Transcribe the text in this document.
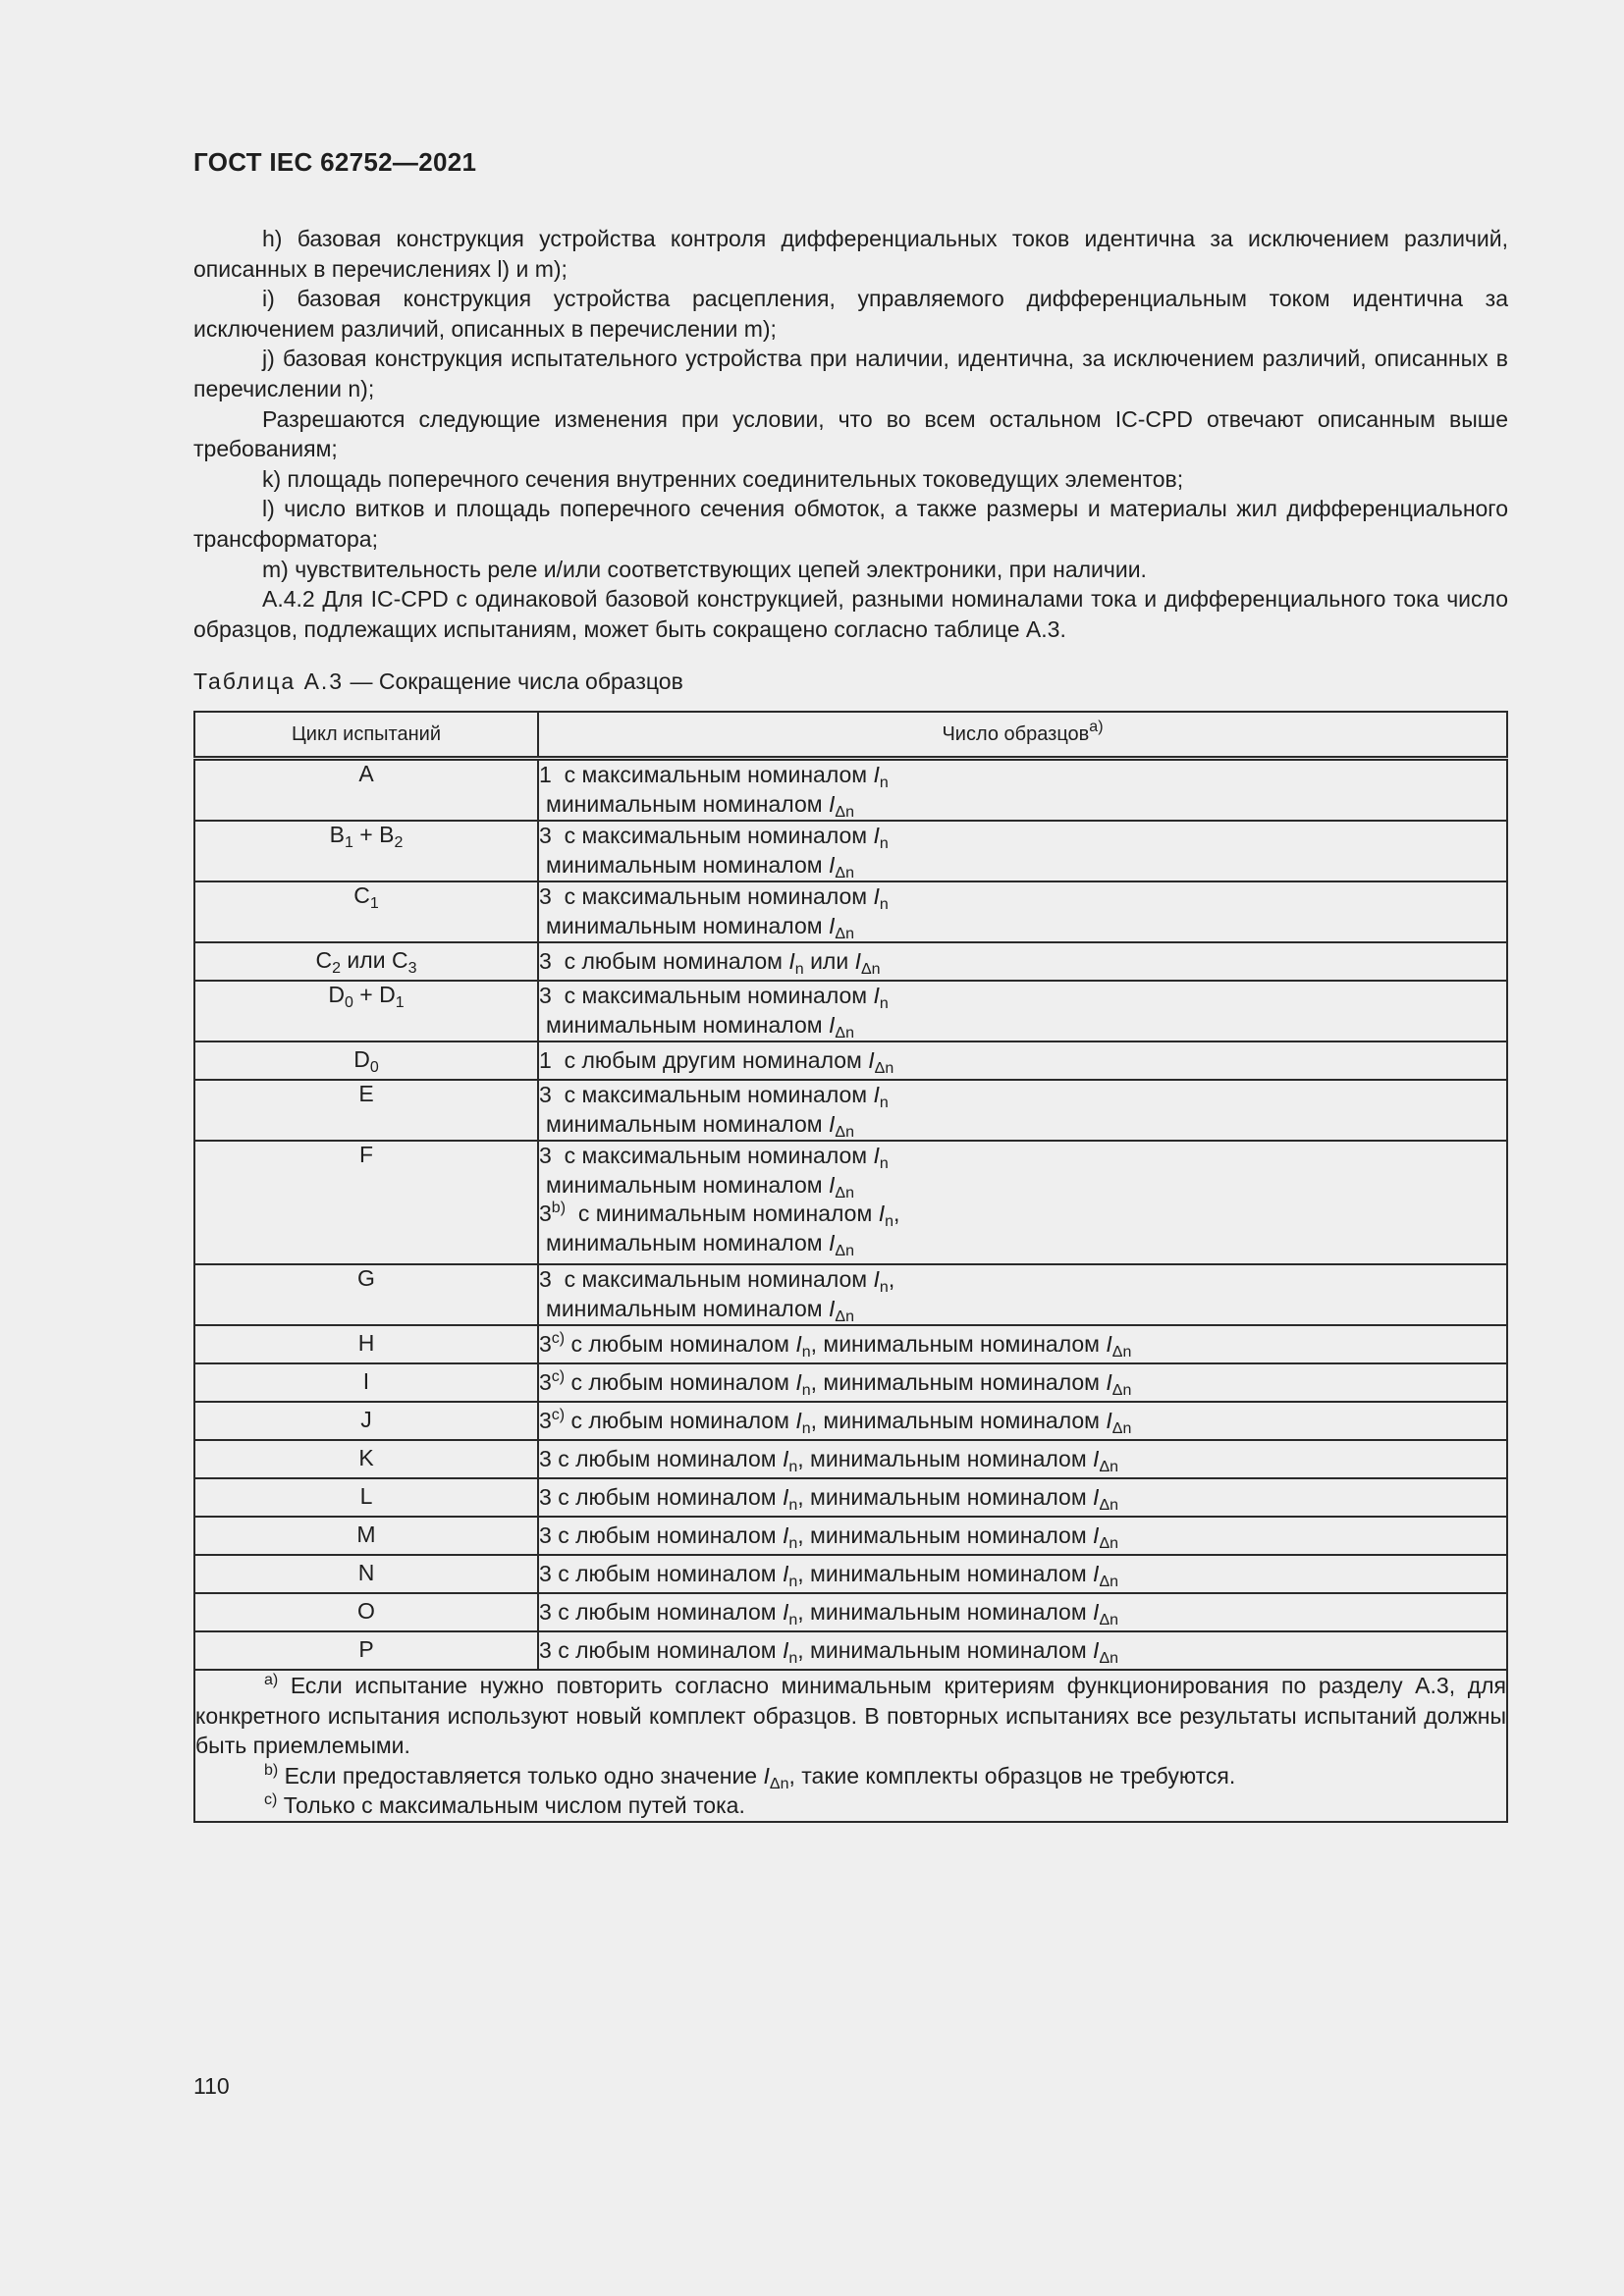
ГОСТ IEC 62752—2021

h) базовая конструкция устройства контроля дифференциальных токов идентична за исключением различий, описанных в перечислениях l) и m);

i) базовая конструкция устройства расцепления, управляемого дифференциальным током идентична за исключением различий, описанных в перечислении m);

j) базовая конструкция испытательного устройства при наличии, идентична, за исключением различий, описанных в перечислении n);

Разрешаются следующие изменения при условии, что во всем остальном IC-CPD отвечают описанным выше требованиям;

k) площадь поперечного сечения внутренних соединительных токоведущих элементов;

l) число витков и площадь поперечного сечения обмоток, а также размеры и материалы жил дифференциального трансформатора;

m) чувствительность реле и/или соответствующих цепей электроники, при наличии.

А.4.2 Для IC-CPD с одинаковой базовой конструкцией, разными номиналами тока и дифференциального тока число образцов, подлежащих испытаниям, может быть сокращено согласно таблице А.3.

Таблица А.3 — Сокращение числа образцов
Цикл испытаний	Число образцов$^{a)}$
A	1 с максимальным номиналом $I_n$
минимальным номиналом $I_{\Delta n}$

$B_1 + B_2$	3 с максимальным номиналом $I_n$
минимальным номиналом $I_{\Delta n}$

$C_1$	3 с максимальным номиналом $I_n$
минимальным номиналом $I_{\Delta n}$

$C_2$ или $C_3$	3 с любым номиналом $I_n$ или $I_{\Delta n}$

$D_0 + D_1$	3 с максимальным номиналом $I_n$
минимальным номиналом $I_{\Delta n}$

$D_0$	1 с любым другим номиналом $I_{\Delta n}$

E	3 с максимальным номиналом $I_n$
минимальным номиналом $I_{\Delta n}$

F	3 с максимальным номиналом $I_n$
минимальным номиналом $I_{\Delta n}$
3$^{b)}$ с минимальным номиналом $I_n$,
минимальным номиналом $I_{\Delta n}$

G	3 с максимальным номиналом $I_n$,
минимальным номиналом $I_{\Delta n}$

H	3$^{c)}$ с любым номиналом $I_n$, минимальным номиналом $I_{\Delta n}$
I	3$^{c)}$ с любым номиналом $I_n$, минимальным номиналом $I_{\Delta n}$
J	3$^{c)}$ с любым номиналом $I_n$, минимальным номиналом $I_{\Delta n}$
K	3 с любым номиналом $I_n$, минимальным номиналом $I_{\Delta n}$
L	3 с любым номиналом $I_n$, минимальным номиналом $I_{\Delta n}$
M	3 с любым номиналом $I_n$, минимальным номиналом $I_{\Delta n}$
N	3 с любым номиналом $I_n$, минимальным номиналом $I_{\Delta n}$
O	3 с любым номиналом $I_n$, минимальным номиналом $I_{\Delta n}$
P	3 с любым номиналом $I_n$, минимальным номиналом $I_{\Delta n}$

$^{a)}$ Если испытание нужно повторить согласно минимальным критериям функционирования по разделу А.3, для конкретного испытания используют новый комплект образцов. В повторных испытаниях все результаты испытаний должны быть приемлемыми.

$^{b)}$ Если предоставляется только одно значение $I_{\Delta n}$, такие комплекты образцов не требуются.

$^{c)}$ Только с максимальным числом путей тока.	

110
